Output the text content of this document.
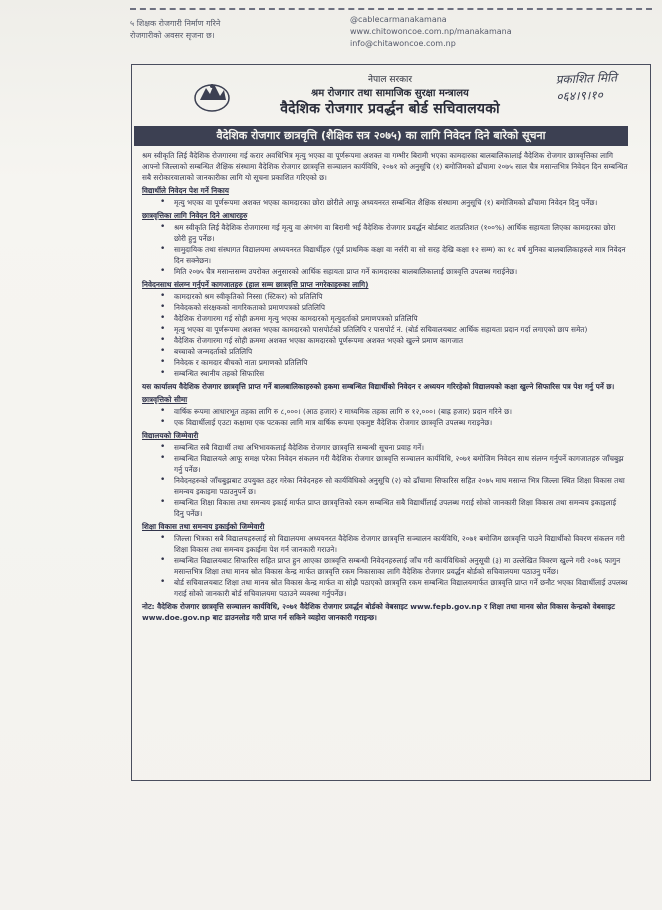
५ शिक्षक रोजगारी निर्माण गरिने
रोजगारीको अवसर सृजना छ।
@cablecarmanakamana
www.chitowoncoe.com.np/manakamana
info@chitawoncoe.com.np
प्रकाशित मिति
०६४।९।१०
नेपाल सरकार
श्रम रोजगार तथा सामाजिक सुरक्षा मन्त्रालय
वैदेशिक रोजगार प्रवर्द्धन बोर्ड सचिवालयको
वैदेशिक रोजगार छात्रवृत्ति (शैक्षिक सत्र २०७५) का लागि निवेदन दिने बारेको सूचना

श्रम स्वीकृति लिई वैदेशिक रोजगारमा गई करार अवधिभित्र मृत्यु भएका वा पूर्णरूपमा अशक्त वा गम्भीर बिरामी भएका कामदारका बालबालिकालाई वैदेशिक रोजगार छात्रवृत्तिका लागि आफ्नो जिल्लाको सम्बन्धित शैक्षिक संस्थामा वैदेशिक रोजगार छात्रवृत्ति सञ्चालन कार्यविधि, २०७१ को अनुसूचि (१) बमोजिमको ढाँचामा २०७५ साल चैत्र मसान्तभित्र निवेदन दिन सम्बन्धित सबै सरोकारवालाको जानकारीका लागि यो सूचना प्रकाशित गरिएको छ।

विद्यार्थीले निवेदन पेश गर्ने निकाय
• मृत्यु भएका वा पूर्णरूपमा अशक्त भएका कामदारका छोरा छोरीले आफू अध्ययनरत सम्बन्धित शैक्षिक संस्थामा अनुसूचि (१) बमोजिमको ढाँचामा निवेदन दिनु पर्नेछ।
छात्रवृत्तिका लागि निवेदन दिने आधारहरु
• श्रम स्वीकृति लिई वैदेशिक रोजगारमा गई मृत्यु वा अंगभंग वा बिरामी भई वैदेशिक रोजगार प्रवर्द्धन बोर्डबाट शतप्रतिशत (१००%) आर्थिक सहायता लिएका कामदारका छोरा छोरी हुनु पर्नेछ।
• सामुदायिक तथा संस्थागत विद्यालयमा अध्ययनरत विद्यार्थीहरु (पूर्व प्राथमिक कक्षा वा नर्सरी वा सो सरह देखि कक्षा १२ सम्म) का १८ वर्ष मुनिका बालबालिकाहरुले मात्र निवेदन दिन सक्नेछन।
• मिति २०७५ चैत्र मसान्तसम्म उपरोक्त अनुसारको आर्थिक सहायता प्राप्त गर्ने कामदारका बालबालिकालाई छात्रवृत्ति उपलब्ध गराईनेछ।
निवेदनसाथ संलग्न गर्नुपर्ने कागजातहरु (हाल सम्म छात्रवृत्ति प्राप्त नगरेकाहरुका लागि)
• कामदारको श्रम स्वीकृतिको निस्सा (स्टिकर) को प्रतिलिपि
• निवेदकको संरक्षकको नागरिकताको प्रमाणपत्रको प्रतिलिपि
• वैदेशिक रोजगारमा गई सोही क्रममा मृत्यु भएका कामदारको मृत्युदर्ताको प्रमाणपत्रको प्रतिलिपि
• मृत्यु भएका वा पूर्णरूपमा अशक्त भएका कामदारको पासपोर्टको प्रतिलिपि र पासपोर्ट नं. (बोर्ड सचिवालयबाट आर्थिक सहायता प्रदान गर्दा लगाएको छाप समेत)
• वैदेशिक रोजगारमा गई सोही क्रममा अशक्त भएका कामदारको पूर्णरूपमा अशक्त भएको खुल्ने प्रमाण कागजात
• बच्चाको जन्मदर्ताको प्रतिलिपि
• निवेदक र कामदार बीचको नाता प्रमाणको प्रतिलिपि
• सम्बन्धित स्थानीय तहको सिफारिस

यस कार्यालय वैदेशिक रोजगार छात्रवृत्ति प्राप्त गर्ने बालबालिकाहरुको हकमा सम्बन्धित विद्यार्थीको निवेदन र अध्ययन गरिरहेको विद्यालयको कक्षा खुल्ने सिफारिस पत्र पेश गर्नु पर्ने छ।

छात्रवृत्तिको सीमा
• वार्षिक रूपमा आधारभूत तहका लागि रु ८,०००। (आठ हजार) र माध्यमिक तहका लागि रु १२,०००। (बाह्र हजार) प्रदान गरिने छ।
• एक विद्यार्थीलाई एउटा कक्षामा एक पटकका लागि मात्र वार्षिक रूपमा एकमुष्ट वैदेशिक रोजगार छात्रवृत्ति उपलब्ध गराइनेछ।
विद्यालयको जिम्मेवारी
• सम्बन्धित सबै विद्यार्थी तथा अभिभावकलाई वैदेशिक रोजगार छात्रवृत्ति सम्बन्धी सूचना प्रवाह गर्ने।
• सम्बन्धित विद्यालयले आफू समक्ष परेका निवेदन संकलन गरी वैदेशिक रोजगार छात्रवृत्ति सञ्चालन कार्यविधि, २०७१ बमोजिम निवेदन साथ संलग्न गर्नुपर्ने कागजातहरु जाँचबुझ गर्नु पर्नेछ।
• निवेदनहरुको जाँचबुझबाट उपयुक्त ठहर गरेका निवेदनहरु सो कार्यविधिको अनुसूचि (२) को ढाँचामा सिफारिस सहित २०७५ माघ मसान्त भित्र जिल्ला स्थित शिक्षा विकास तथा समन्वय इकाइमा पठाउनुपर्ने छ।
• सम्बन्धित शिक्षा विकास तथा समन्वय इकाई मार्फत प्राप्त छात्रवृत्तिको रकम सम्बन्धित सबै विद्यार्थीलाई उपलब्ध गराई सोको जानकारी शिक्षा विकास तथा समन्वय इकाइलाई दिनु पर्नेछ।
शिक्षा विकास तथा समन्वय इकाईको जिम्मेवारी
• जिल्ला भित्रका सबै विद्यालयहरुलाई सो विद्यालयमा अध्ययनरत वैदेशिक रोजगार छात्रवृत्ति सञ्चालन कार्यविधि, २०७१ बमोजिम छात्रवृत्ति पाउने विद्यार्थीको विवरण संकलन गरी शिक्षा विकास तथा समन्वय इकाईमा पेश गर्न जानकारी गराउने।
• सम्बन्धित विद्यालयबाट सिफारिस सहित प्राप्त हुन आएका छात्रवृत्ति सम्बन्धी निवेदनहरुलाई जाँच गरी कार्यविधिको अनुसूची (३) मा उल्लेखित विवरण खुल्ने गरी २०७६ फागुन मसान्तभित्र शिक्षा तथा मानव स्रोत विकास केन्द्र मार्फत छात्रवृत्ति रकम निकासाका लागि वैदेशिक रोजगार प्रवर्द्धन बोर्डको सचिवालयमा पठाउनु पर्नेछ।
• बोर्ड सचिवालयबाट शिक्षा तथा मानव स्रोत विकास केन्द्र मार्फत वा सोझै पठाएको छात्रवृत्ति रकम सम्बन्धित विद्यालयमार्फत छात्रवृत्ति प्राप्त गर्ने छनौट भएका विद्यार्थीलाई उपलब्ध गराई सोको जानकारी बोर्ड सचिवालयमा पठाउने व्यवस्था गर्नुपर्नेछ।

नोट: वैदेशिक रोजगार छात्रवृत्ति सञ्चालन कार्यविधि, २०७१ वैदेशिक रोजगार प्रवर्द्धन बोर्डको वेबसाइट www.fepb.gov.np र शिक्षा तथा मानव स्रोत विकास केन्द्रको वेबसाइट www.doe.gov.np बाट डाउनलोड गरी प्राप्त गर्न सकिने व्यहोरा जानकारी गराइन्छ।
